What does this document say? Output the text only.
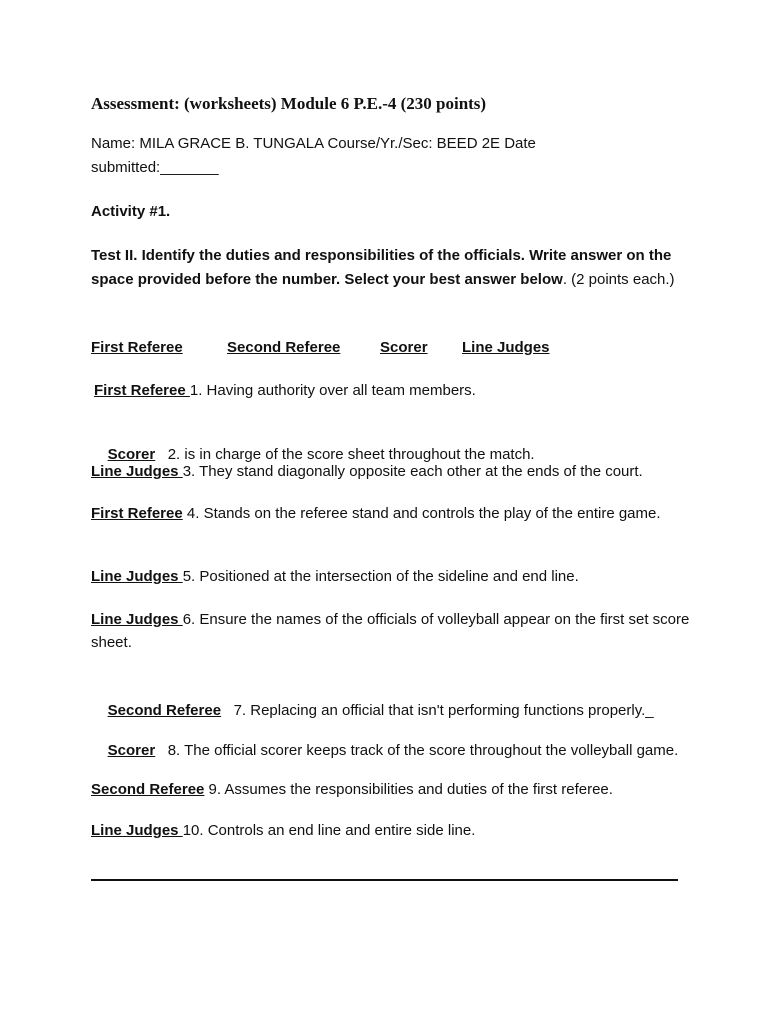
Assessment: (worksheets) Module 6 P.E.-4 (230 points)
Name: MILA GRACE B. TUNGALA Course/Yr./Sec: BEED 2E Date
submitted:_______
Activity #1.
Test II. Identify the duties and responsibilities of the officials. Write answer on the space provided before the number. Select your best answer below. (2 points each.)
First Referee	Second Referee	Scorer Line Judges
First Referee 1. Having authority over all team members.

Scorer   2. is in charge of the score sheet throughout the match.

Line Judges 3. They stand diagonally opposite each other at the ends of the court.
First Referee 4. Stands on the referee stand and controls the play of the entire game.
Line Judges 5. Positioned at the intersection of the sideline and end line.
Line Judges 6. Ensure the names of the officials of volleyball appear on the first set score sheet.

Second Referee   7. Replacing an official that isn't performing functions properly._

Scorer   8. The official scorer keeps track of the score throughout the volleyball game.

Second Referee 9. Assumes the responsibilities and duties of the first referee.
Line Judges 10. Controls an end line and entire side line.
